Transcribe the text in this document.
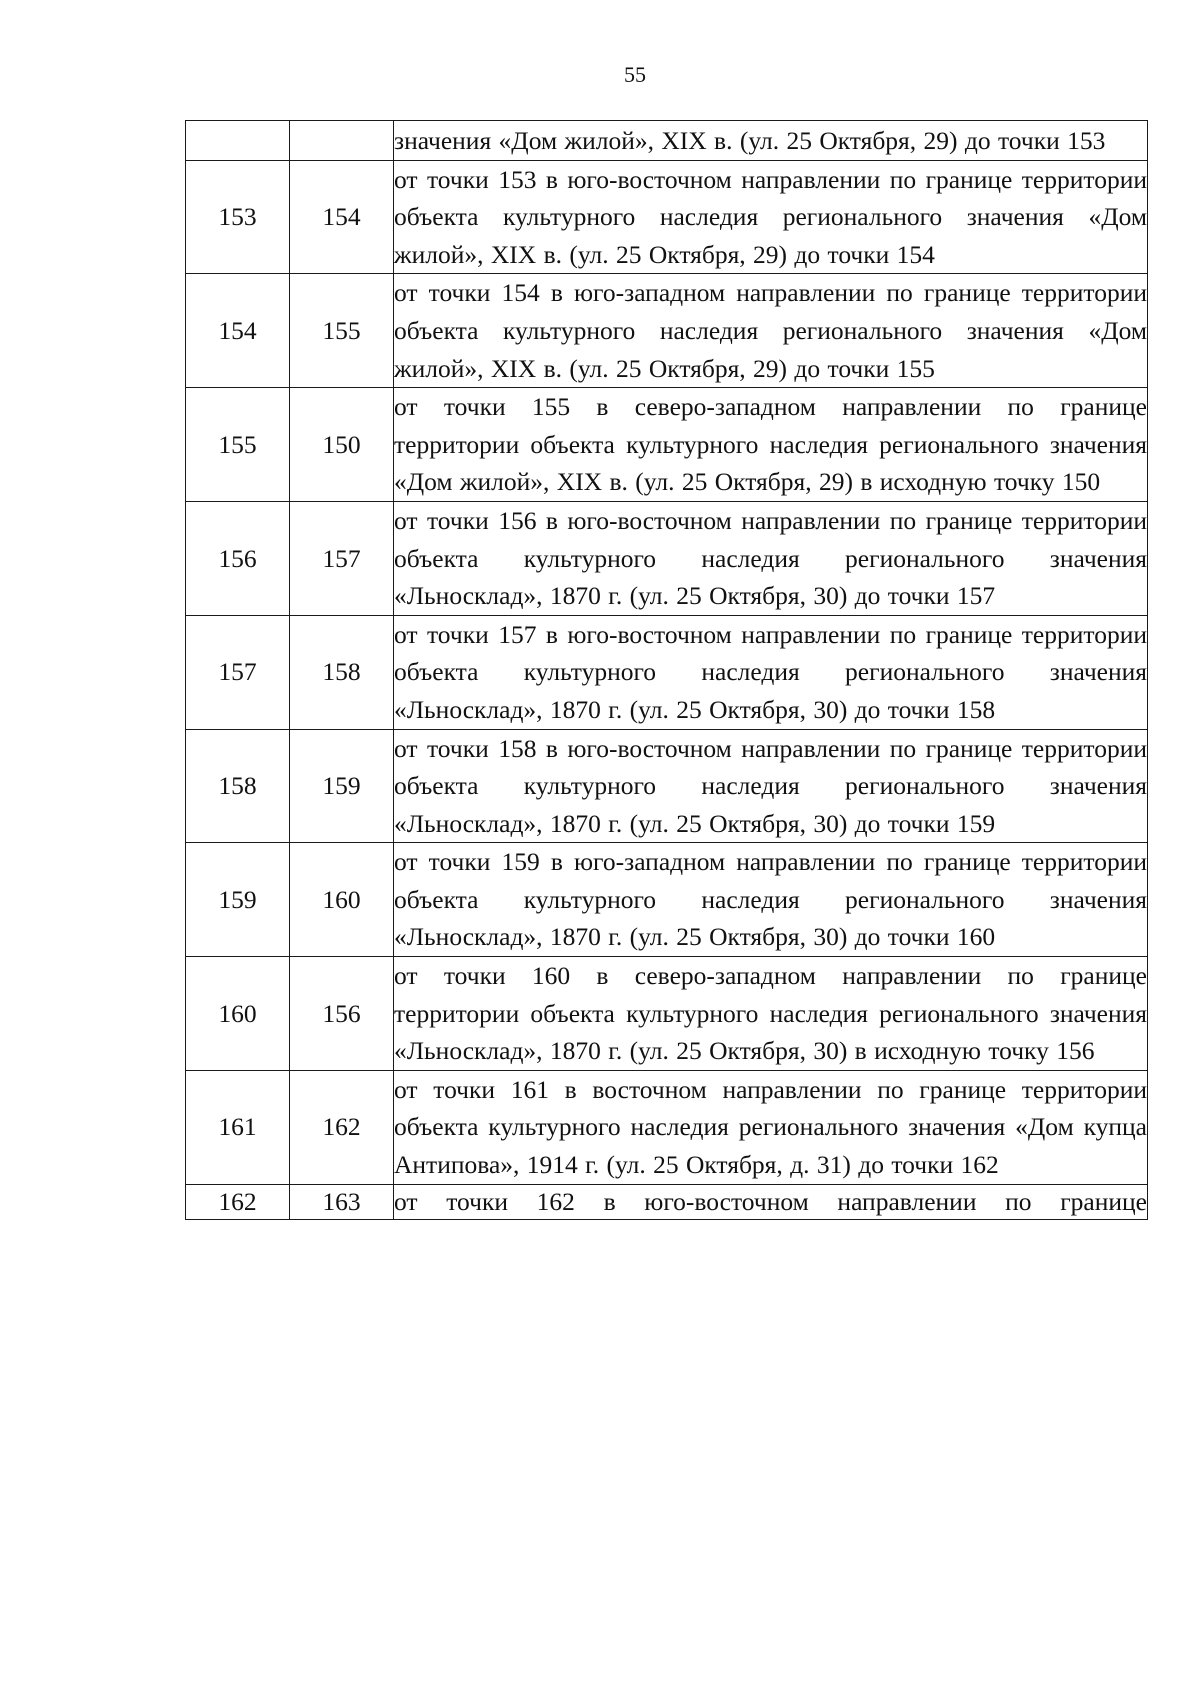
55
		значения «Дом жилой», XIX в. (ул. 25 Октября, 29) до точки 153
153	154	от точки 153 в юго-восточном направлении по границе территории объекта культурного наследия регионального значения «Дом жилой», XIX в. (ул. 25 Октября, 29) до точки 154
154	155	от точки 154 в юго-западном направлении по границе территории объекта культурного наследия регионального значения «Дом жилой», XIX в. (ул. 25 Октября, 29) до точки 155
155	150	от точки 155 в северо-западном направлении по границе территории объекта культурного наследия регионального значения «Дом жилой», XIX в. (ул. 25 Октября, 29) в исходную точку 150
156	157	от точки 156 в юго-восточном направлении по границе территории объекта культурного наследия регионального значения «Льносклад», 1870 г. (ул. 25 Октября, 30) до точки 157
157	158	от точки 157 в юго-восточном направлении по границе территории объекта культурного наследия регионального значения «Льносклад», 1870 г. (ул. 25 Октября, 30) до точки 158
158	159	от точки 158 в юго-восточном направлении по границе территории объекта культурного наследия регионального значения «Льносклад», 1870 г. (ул. 25 Октября, 30) до точки 159
159	160	от точки 159 в юго-западном направлении по границе территории объекта культурного наследия регионального значения «Льносклад», 1870 г. (ул. 25 Октября, 30) до точки 160
160	156	от точки 160 в северо-западном направлении по границе территории объекта культурного наследия регионального значения «Льносклад», 1870 г. (ул. 25 Октября, 30) в исходную точку 156
161	162	от точки 161 в восточном направлении по границе территории объекта культурного наследия регионального значения «Дом купца Антипова», 1914 г. (ул. 25 Октября, д. 31) до точки 162
162	163	от точки 162 в юго-восточном направлении по границе
